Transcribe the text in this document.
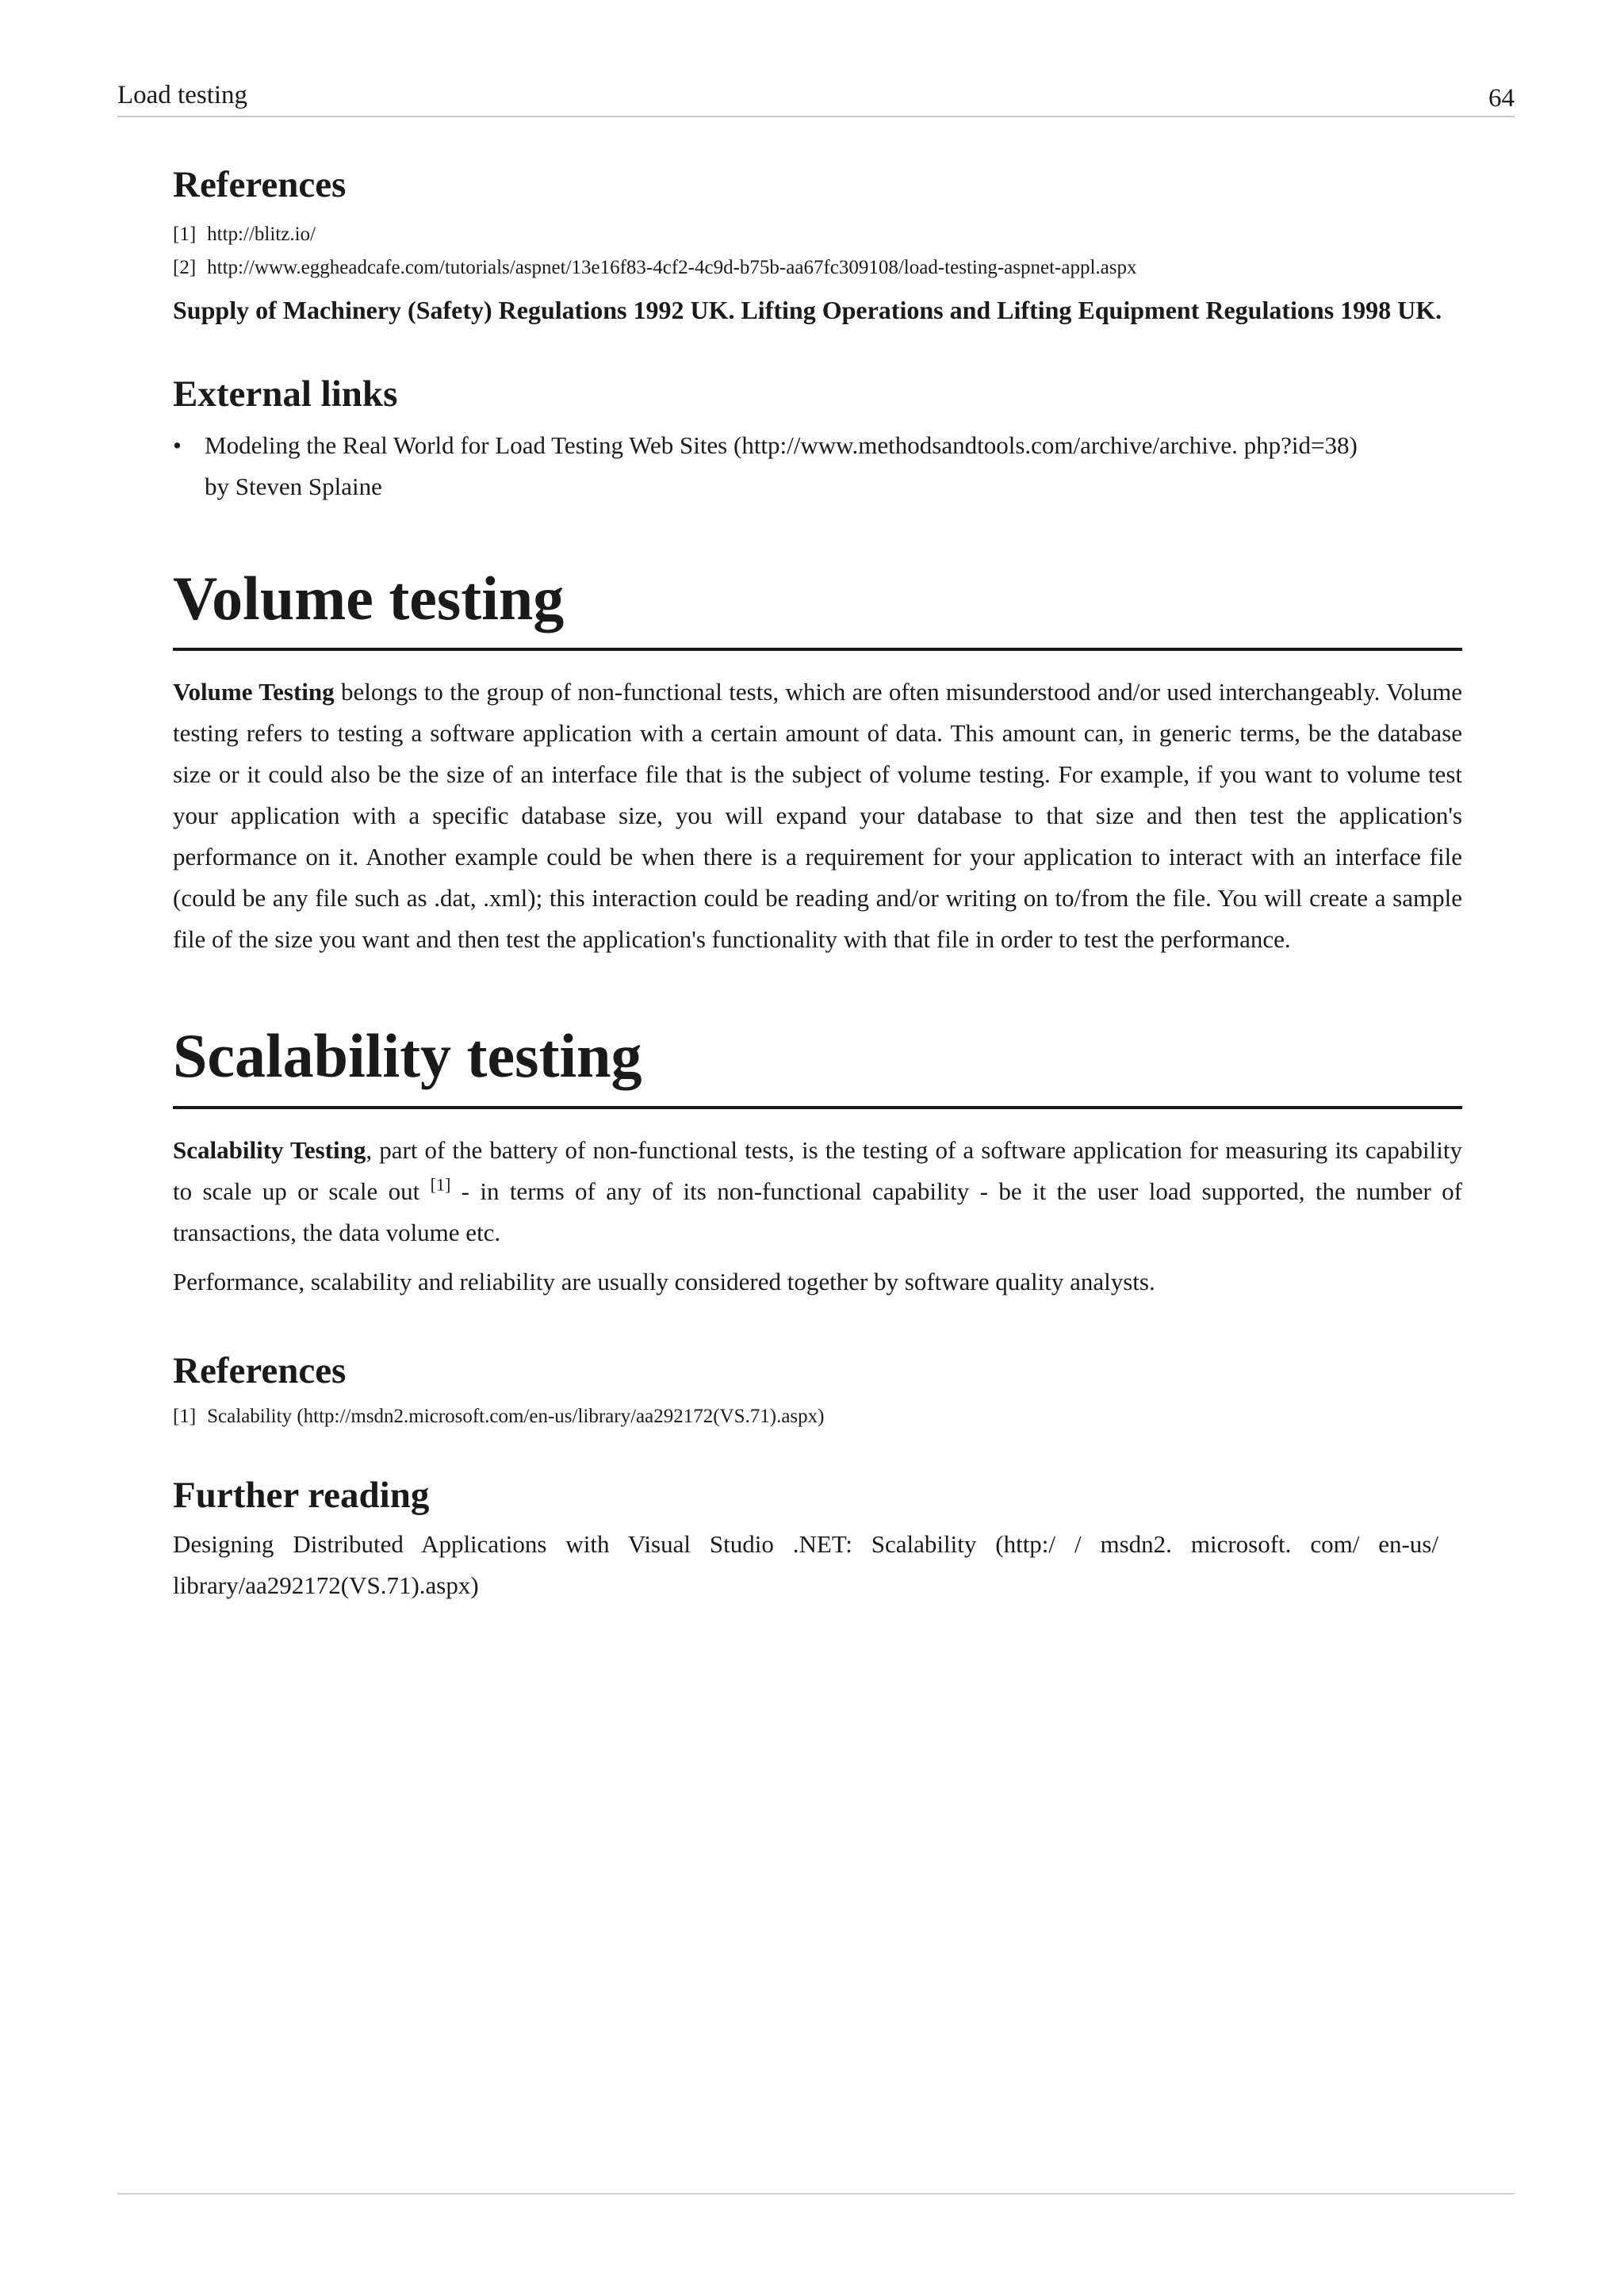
Load testing	64
References
[1] http://blitz.io/
[2] http://www.eggheadcafe.com/tutorials/aspnet/13e16f83-4cf2-4c9d-b75b-aa67fc309108/load-testing-aspnet-appl.aspx

Supply of Machinery (Safety) Regulations 1992 UK. Lifting Operations and Lifting Equipment Regulations 1998 UK.

External links
• Modeling the Real World for Load Testing Web Sites (http://www.methodsandtools.com/archive/archive. php?id=38) by Steven Splaine
Volume testing

Volume Testing belongs to the group of non-functional tests, which are often misunderstood and/or used interchangeably. Volume testing refers to testing a software application with a certain amount of data. This amount can, in generic terms, be the database size or it could also be the size of an interface file that is the subject of volume testing. For example, if you want to volume test your application with a specific database size, you will expand your database to that size and then test the application's performance on it. Another example could be when there is a requirement for your application to interact with an interface file (could be any file such as .dat, .xml); this interaction could be reading and/or writing on to/from the file. You will create a sample file of the size you want and then test the application's functionality with that file in order to test the performance.

Scalability testing

Scalability Testing, part of the battery of non-functional tests, is the testing of a software application for measuring its capability to scale up or scale out [1] - in terms of any of its non-functional capability - be it the user load supported, the number of transactions, the data volume etc.

Performance, scalability and reliability are usually considered together by software quality analysts.

References
[1] Scalability (http://msdn2.microsoft.com/en-us/library/aa292172(VS.71).aspx)
Further reading

Designing Distributed Applications with Visual Studio .NET: Scalability (http:/ / msdn2. microsoft. com/ en-us/ library/aa292172(VS.71).aspx)
